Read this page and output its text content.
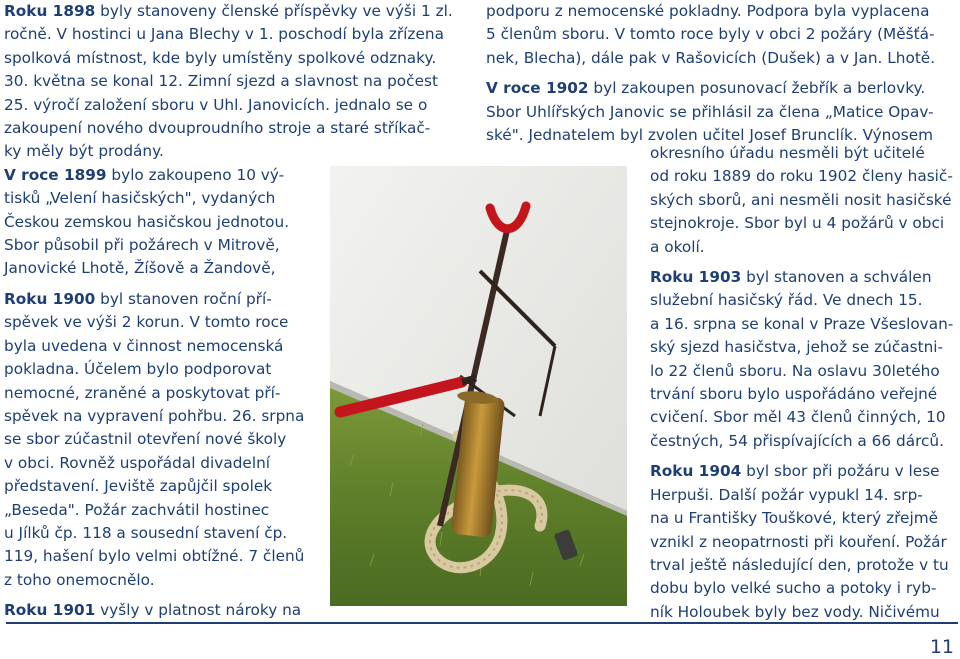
Roku 1898 byly stanoveny členské příspěvky ve výši 1 zl.

ročně. V hostinci u Jana Blechy v 1. poschodí byla zřízena

spolková místnost, kde byly umístěny spolkové odznaky.

30. května se konal 12. Zimní sjezd a slavnost na počest

25. výročí založení sboru v Uhl. Janovicích. jednalo se o

zakoupení nového dvouproudního stroje a staré stříkač-

ky měly být prodány.

V roce 1899 bylo zakoupeno 10 vý-

tisků „Velení hasičských", vydaných

Českou zemskou hasičskou jednotou.

Sbor působil při požárech v Mitrově,

Janovické Lhotě, Žíšově a Žandově,

Roku 1900 byl stanoven roční pří-

spěvek ve výši 2 korun. V tomto roce

byla uvedena v činnost nemocenská

pokladna. Účelem bylo podporovat

nemocné, zraněné a poskytovat pří-

spěvek na vypravení pohřbu. 26. srpna

se sbor zúčastnil otevření nové školy

v obci. Rovněž uspořádal divadelní

představení. Jeviště zapůjčil spolek

„Beseda". Požár zachvátil hostinec

u Jílků čp. 118 a sousední stavení čp.

119, hašení bylo velmi obtížné. 7 členů

z toho onemocnělo.

Roku 1901 vyšly v platnost nároky na

podporu z nemocenské pokladny. Podpora byla vyplacena

5 členům sboru. V tomto roce byly v obci 2 požáry (Měšťá-

nek, Blecha), dále pak v Rašovicích (Dušek) a v Jan. Lhotě.

V roce 1902 byl zakoupen posunovací žebřík a berlovky.

Sbor Uhlířských Janovic se přihlásil za člena „Matice Opav-

ské". Jednatelem byl zvolen učitel Josef Brunclík. Výnosem

okresního úřadu nesměli být učitelé

od roku 1889 do roku 1902 členy hasič-

ských sborů, ani nesměli nosit hasičské

stejnokroje. Sbor byl u 4 požárů v obci

a okolí.

Roku 1903 byl stanoven a schválen

služební hasičský řád. Ve dnech 15.

a 16. srpna se konal v Praze Všeslovan-

ský sjezd hasičstva, jehož se zúčastni-

lo 22 členů sboru. Na oslavu 30letého

trvání sboru bylo uspořádáno veřejné

cvičení. Sbor měl 43 členů činných, 10

čestných, 54 přispívajících a 66 dárců.

Roku 1904 byl sbor při požáru v lese

Herpuši. Další požár vypukl 14. srp-

na u Františky Touškové, který zřejmě

vznikl z neopatrnosti při kouření. Požár

trval ještě následující den, protože v tu

dobu bylo velké sucho a potoky i ryb-

ník Holoubek byly bez vody. Ničivému

11
